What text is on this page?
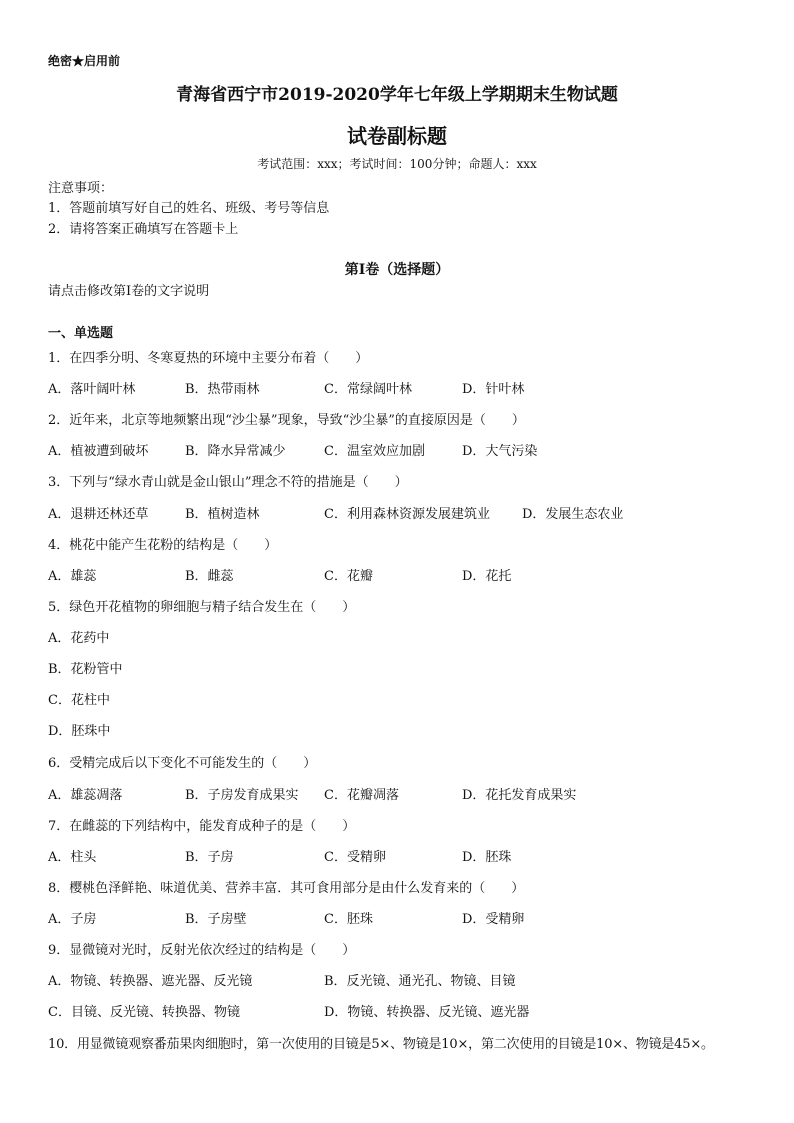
绝密★启用前
青海省西宁市2019-2020学年七年级上学期期末生物试题
试卷副标题
考试范围：xxx；考试时间：100分钟；命题人：xxx
注意事项：
1．答题前填写好自己的姓名、班级、考号等信息
2．请将答案正确填写在答题卡上
第I卷（选择题）
请点击修改第I卷的文字说明
一、单选题
1．在四季分明、冬寒夏热的环境中主要分布着（　　）
A．落叶阔叶林	B．热带雨林	C．常绿阔叶林	D．针叶林
2．近年来，北京等地频繁出现“沙尘暴”现象，导致“沙尘暴”的直接原因是（　　）
A．植被遭到破坏	B．降水异常减少	C．温室效应加剧	D．大气污染
3．下列与“绿水青山就是金山银山”理念不符的措施是（　　）
A．退耕还林还草	B．植树造林	C．利用森林资源发展建筑业 D．发展生态农业
4．桃花中能产生花粉的结构是（　　）
A．雄蕊	B．雌蕊	C．花瓣	D．花托
5．绿色开花植物的卵细胞与精子结合发生在（　　）
A．花药中
B．花粉管中
C．花柱中
D．胚珠中
6．受精完成后以下变化不可能发生的（　　）
A．雄蕊凋落	B．子房发育成果实 C．花瓣凋落	D．花托发育成果实
7．在雌蕊的下列结构中，能发育成种子的是（　　）
A．柱头	B．子房	C．受精卵	D．胚珠
8．樱桃色泽鲜艳、味道优美、营养丰富．其可食用部分是由什么发育来的（　　）
A．子房	B．子房壁	C．胚珠	D．受精卵
9．显微镜对光时，反射光依次经过的结构是（　　）
A．物镜、转换器、遮光器、反光镜	B．反光镜、通光孔、物镜、目镜
C．目镜、反光镜、转换器、物镜	D．物镜、转换器、反光镜、遮光器
10．用显微镜观察番茄果肉细胞时，第一次使用的目镜是5×、物镜是10×，第二次使用的目镜是10×、物镜是45×。
